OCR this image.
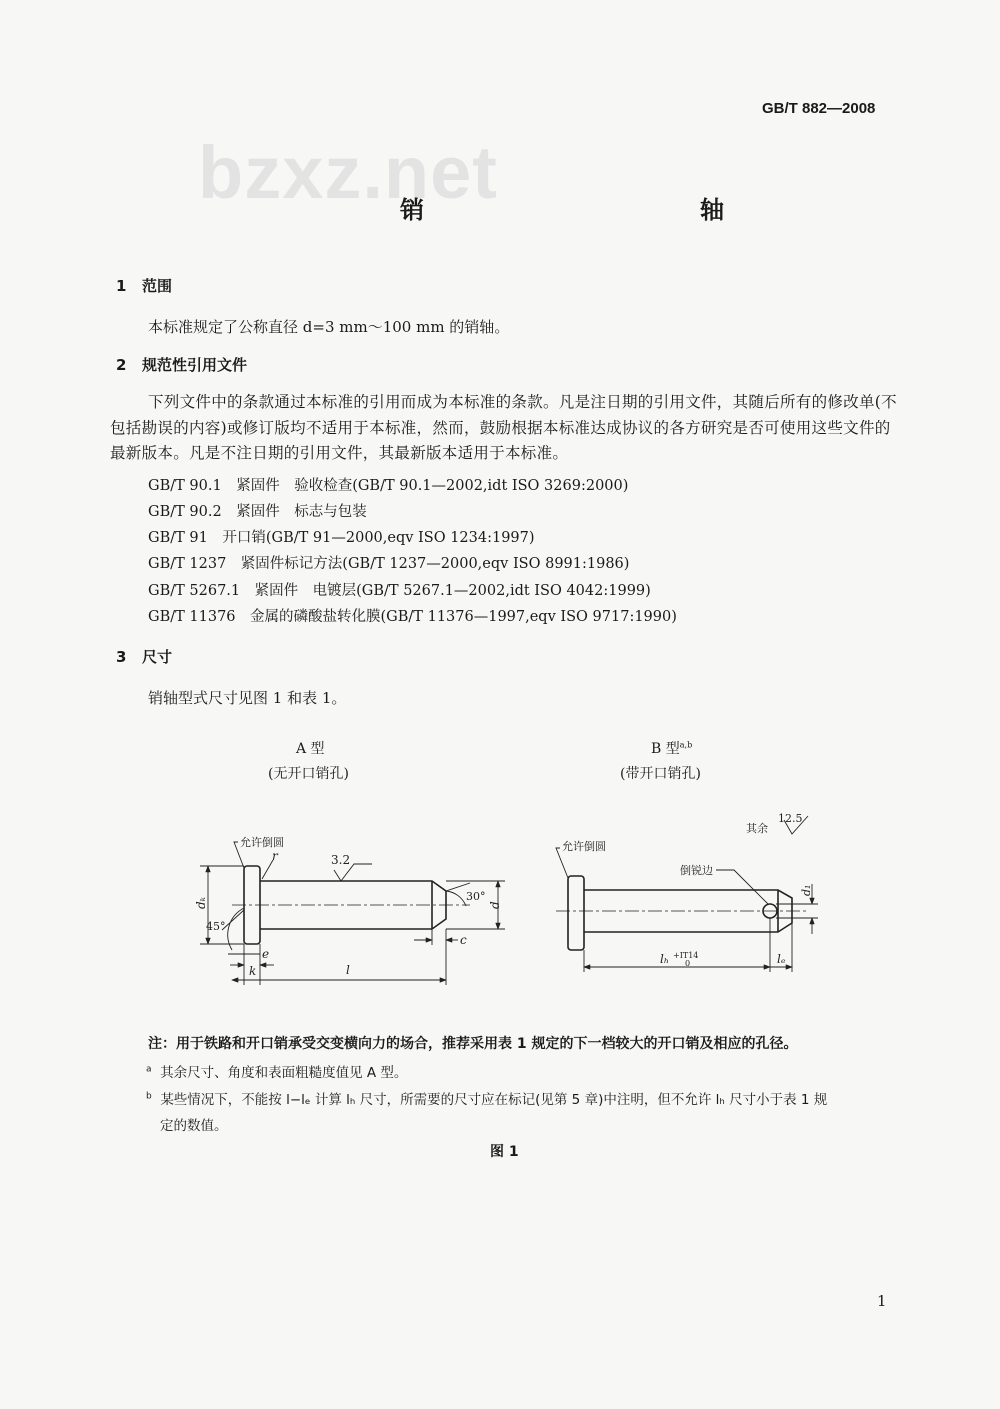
GB/T 882—2008
bzxz.net
销　轴
1 范围
本标准规定了公称直径 d=3 mm～100 mm 的销轴。
2 规范性引用文件
下列文件中的条款通过本标准的引用而成为本标准的条款。凡是注日期的引用文件，其随后所有的修改单(不包括勘误的内容)或修订版均不适用于本标准，然而，鼓励根据本标准达成协议的各方研究是否可使用这些文件的最新版本。凡是不注日期的引用文件，其最新版本适用于本标准。
GB/T 90.1　紧固件　验收检查(GB/T 90.1—2002,idt ISO 3269:2000)
GB/T 90.2　紧固件　标志与包装
GB/T 91　开口销(GB/T 91—2000,eqv ISO 1234:1997)
GB/T 1237　紧固件标记方法(GB/T 1237—2000,eqv ISO 8991:1986)
GB/T 5267.1　紧固件　电镀层(GB/T 5267.1—2002,idt ISO 4042:1999)
GB/T 11376　金属的磷酸盐转化膜(GB/T 11376—1997,eqv ISO 9717:1990)
3 尺寸
销轴型式尺寸见图 1 和表 1。
A 型
(无开口销孔)
B 型$^{a,b}$
(带开口销孔)
允许倒圆
3.2
r
45°
30°
dₖ	d
c
e
k	l
允许倒圆
倒锐边
其余
12.5
lₕ +IT14
0	lₑ
d₁
注：用于铁路和开口销承受交变横向力的场合，推荐采用表 1 规定的下一档较大的开口销及相应的孔径。
$^a$ 其余尺寸、角度和表面粗糙度值见 A 型。
$^b$ 某些情况下，不能按 l−lₑ 计算 lₕ 尺寸，所需要的尺寸应在标记(见第 5 章)中注明，但不允许 lₕ 尺寸小于表 1 规
定的数值。
图 1
1
